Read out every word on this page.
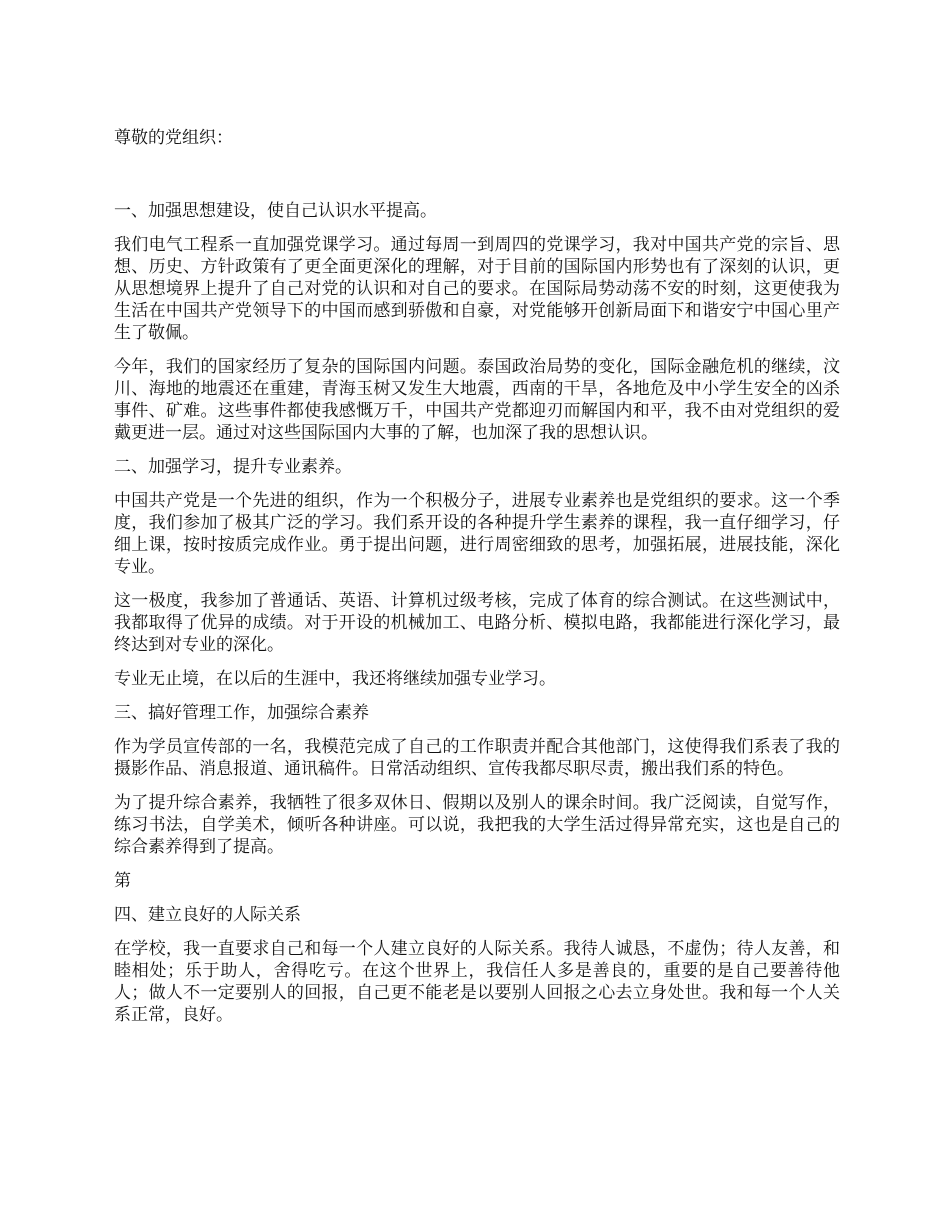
尊敬的党组织：

一、加强思想建设，使自己认识水平提高。

我们电气工程系一直加强党课学习。通过每周一到周四的党课学习，我对中国共产党的宗旨、思想、历史、方针政策有了更全面更深化的理解，对于目前的国际国内形势也有了深刻的认识，更从思想境界上提升了自己对党的认识和对自己的要求。在国际局势动荡不安的时刻，这更使我为生活在中国共产党领导下的中国而感到骄傲和自豪，对党能够开创新局面下和谐安宁中国心里产生了敬佩。

今年，我们的国家经历了复杂的国际国内问题。泰国政治局势的变化，国际金融危机的继续，汶川、海地的地震还在重建，青海玉树又发生大地震，西南的干旱，各地危及中小学生安全的凶杀事件、矿难。这些事件都使我感慨万千，中国共产党都迎刃而解国内和平，我不由对党组织的爱戴更进一层。通过对这些国际国内大事的了解，也加深了我的思想认识。

二、加强学习，提升专业素养。

中国共产党是一个先进的组织，作为一个积极分子，进展专业素养也是党组织的要求。这一个季度，我们参加了极其广泛的学习。我们系开设的各种提升学生素养的课程，我一直仔细学习，仔细上课，按时按质完成作业。勇于提出问题，进行周密细致的思考，加强拓展，进展技能，深化专业。

这一极度，我参加了普通话、英语、计算机过级考核，完成了体育的综合测试。在这些测试中，我都取得了优异的成绩。对于开设的机械加工、电路分析、模拟电路，我都能进行深化学习，最终达到对专业的深化。

专业无止境，在以后的生涯中，我还将继续加强专业学习。

三、搞好管理工作，加强综合素养

作为学员宣传部的一名，我模范完成了自己的工作职责并配合其他部门，这使得我们系表了我的摄影作品、消息报道、通讯稿件。日常活动组织、宣传我都尽职尽责，搬出我们系的特色。

为了提升综合素养，我牺牲了很多双休日、假期以及别人的课余时间。我广泛阅读，自觉写作，练习书法，自学美术，倾听各种讲座。可以说，我把我的大学生活过得异常充实，这也是自己的综合素养得到了提高。

第

四、建立良好的人际关系

在学校，我一直要求自己和每一个人建立良好的人际关系。我待人诚恳，不虚伪；待人友善，和睦相处；乐于助人，舍得吃亏。在这个世界上，我信任人多是善良的，重要的是自己要善待他人；做人不一定要别人的回报，自己更不能老是以要别人回报之心去立身处世。我和每一个人关系正常，良好。
